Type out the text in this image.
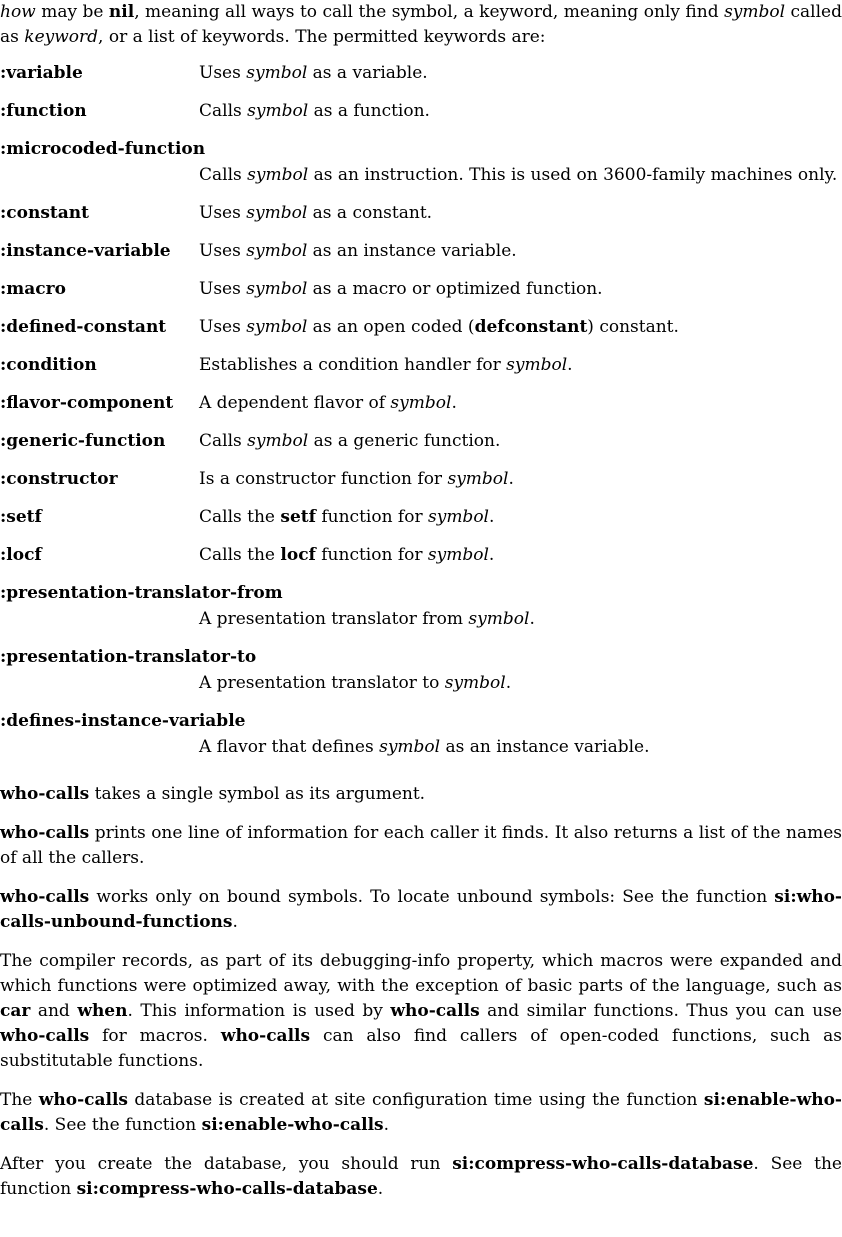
how may be nil, meaning all ways to call the symbol, a keyword, meaning only find symbol called as keyword, or a list of keywords. The permitted keywords are:

:variable	Uses symbol as a variable.
:function	Calls symbol as a function.
:microcoded-function
Calls symbol as an instruction. This is used on 3600-family machines only.
:constant	Uses symbol as a constant.
:instance-variable Uses symbol as an instance variable.
:macro	Uses symbol as a macro or optimized function.
:defined-constant Uses symbol as an open coded (defconstant) constant.
:condition	Establishes a condition handler for symbol.
:flavor-component A dependent flavor of symbol.
:generic-function Calls symbol as a generic function.
:constructor	Is a constructor function for symbol.
:setf	Calls the setf function for symbol.
:locf	Calls the locf function for symbol.
:presentation-translator-from
A presentation translator from symbol.
:presentation-translator-to
A presentation translator to symbol.
:defines-instance-variable
A flavor that defines symbol as an instance variable.

who-calls takes a single symbol as its argument.

who-calls prints one line of information for each caller it finds. It also returns a list of the names of all the callers.

who-calls works only on bound symbols. To locate unbound symbols: See the function si:who-calls-unbound-functions.

The compiler records, as part of its debugging-info property, which macros were expanded and which functions were optimized away, with the exception of basic parts of the language, such as car and when. This information is used by who-calls and similar functions. Thus you can use who-calls for macros. who-calls can also find callers of open-coded functions, such as substitutable functions.

The who-calls database is created at site configuration time using the function si:enable-who-calls. See the function si:enable-who-calls.

After you create the database, you should run si:compress-who-calls-database. See the function si:compress-who-calls-database.
